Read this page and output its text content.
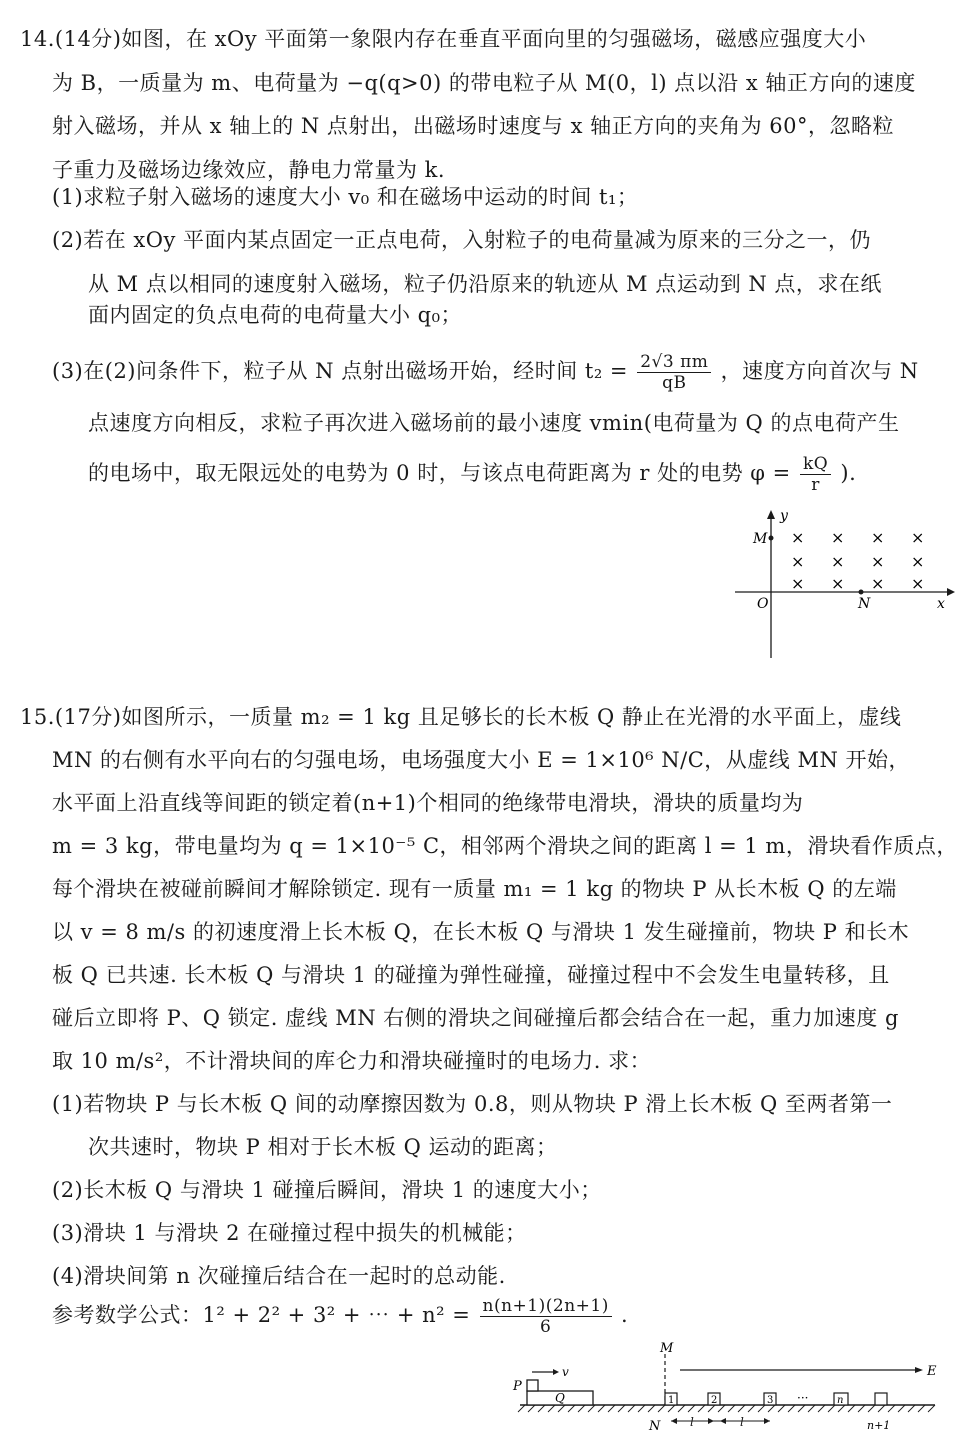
14.(14分)如图，在 xOy 平面第一象限内存在垂直平面向里的匀强磁场，磁感应强度大小
为 B，一质量为 m、电荷量为 −q(q>0) 的带电粒子从 M(0，l) 点以沿 x 轴正方向的速度
射入磁场，并从 x 轴上的 N 点射出，出磁场时速度与 x 轴正方向的夹角为 60°，忽略粒
子重力及磁场边缘效应，静电力常量为 k.
(1)求粒子射入磁场的速度大小 v₀ 和在磁场中运动的时间 t₁；
(2)若在 xOy 平面内某点固定一正点电荷，入射粒子的电荷量减为原来的三分之一，仍
从 M 点以相同的速度射入磁场，粒子仍沿原来的轨迹从 M 点运动到 N 点，求在纸
面内固定的负点电荷的电荷量大小 q₀；
(3)在(2)问条件下，粒子从 N 点射出磁场开始，经时间 $t_2 = \frac{2√3 \pi m}{qB}$ ，速度方向首次与 N
点速度方向相反，求粒子再次进入磁场前的最小速度 vmin(电荷量为 Q 的点电荷产生
的电场中，取无限远处的电势为 0 时，与该点电荷距离为 r 处的电势 $\varphi = \frac{kQ}{r}$ ).
y
x
M
O	N
× × × ×
× × × ×
× × × ×
15.(17分)如图所示，一质量 m₂ = 1 kg 且足够长的长木板 Q 静止在光滑的水平面上，虚线
MN 的右侧有水平向右的匀强电场，电场强度大小 E = 1×10⁶ N/C，从虚线 MN 开始，
水平面上沿直线等间距的锁定着(n+1)个相同的绝缘带电滑块，滑块的质量均为
m = 3 kg，带电量均为 q = 1×10⁻⁵ C，相邻两个滑块之间的距离 l = 1 m，滑块看作质点，
每个滑块在被碰前瞬间才解除锁定. 现有一质量 m₁ = 1 kg 的物块 P 从长木板 Q 的左端
以 v = 8 m/s 的初速度滑上长木板 Q，在长木板 Q 与滑块 1 发生碰撞前，物块 P 和长木
板 Q 已共速. 长木板 Q 与滑块 1 的碰撞为弹性碰撞，碰撞过程中不会发生电量转移，且
碰后立即将 P、Q 锁定. 虚线 MN 右侧的滑块之间碰撞后都会结合在一起，重力加速度 g
取 10 m/s²，不计滑块间的库仑力和滑块碰撞时的电场力. 求：
(1)若物块 P 与长木板 Q 间的动摩擦因数为 0.8，则从物块 P 滑上长木板 Q 至两者第一
次共速时，物块 P 相对于长木板 Q 运动的距离；
(2)长木板 Q 与滑块 1 碰撞后瞬间，滑块 1 的速度大小；
(3)滑块 1 与滑块 2 在碰撞过程中损失的机械能；
(4)滑块间第 n 次碰撞后结合在一起时的总动能.
参考数学公式：1² + 2² + 3² + ⋯ + $n^2 = \frac{n(n+1)(2n+1)}{6}$ .
Q
P
v
M
N
E
1	2	3 ···	n
n+1
l	l
